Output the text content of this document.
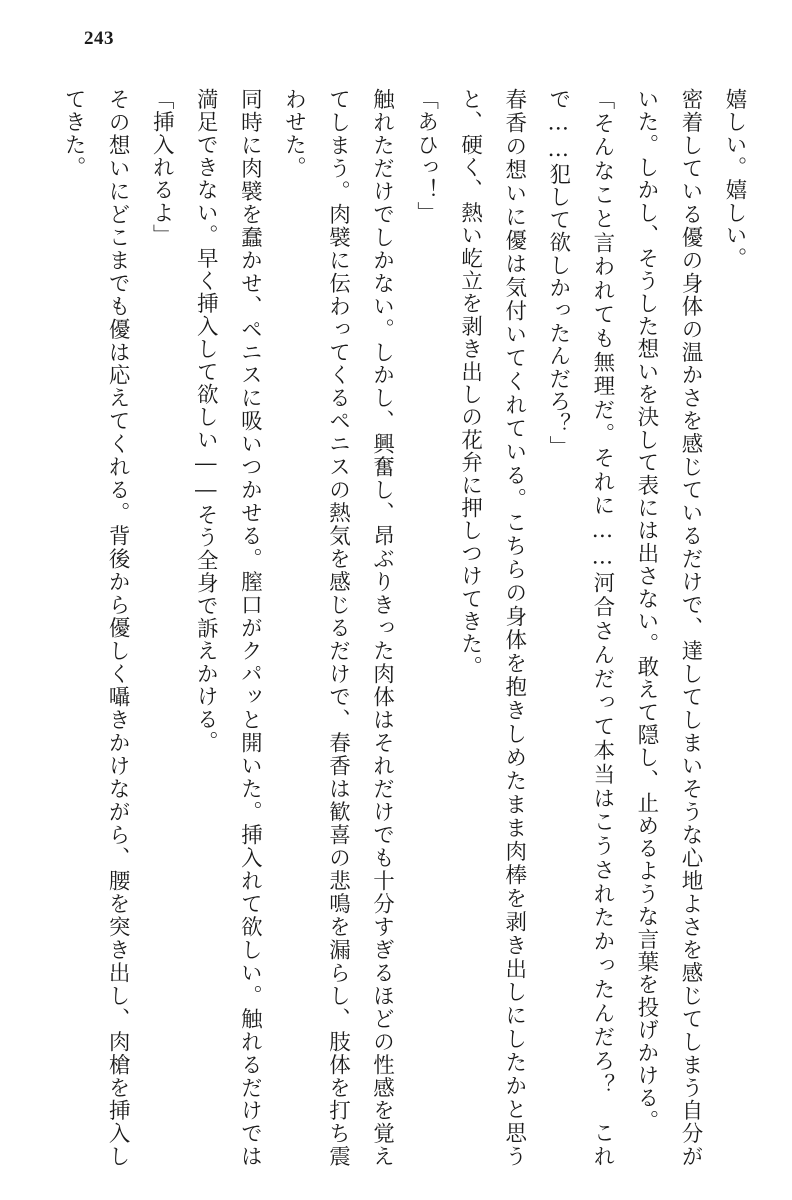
243

嬉しい。嬉しい。

密着している優の身体の温かさを感じているだけで、達してしまいそうな心地よさを感じてしまう自分がいた。しかし、そうした想いを決して表には出さない。敢えて隠し、止めるような言葉を投げかける。

「そんなこと言われても無理だ。それに……河合さんだって本当はこうされたかったんだろ？　これで……犯して欲しかったんだろ？」

春香の想いに優は気付いてくれている。こちらの身体を抱きしめたまま肉棒を剥き出しにしたかと思うと、硬く、熱い屹立を剥き出しの花弁に押しつけてきた。

「あひっ！」

触れただけでしかない。しかし、興奮し、昂ぶりきった肉体はそれだけでも十分すぎるほどの性感を覚えてしまう。肉襞に伝わってくるペニスの熱気を感じるだけで、春香は歓喜の悲鳴を漏らし、肢体を打ち震わせた。

同時に肉襞を蠢かせ、ペニスに吸いつかせる。膣口がクパッと開いた。挿入れて欲しい。触れるだけでは満足できない。早く挿入して欲しい――そう全身で訴えかける。

「挿入れるよ」

その想いにどこまでも優は応えてくれる。背後から優しく囁きかけながら、腰を突き出し、肉槍を挿入してきた。
